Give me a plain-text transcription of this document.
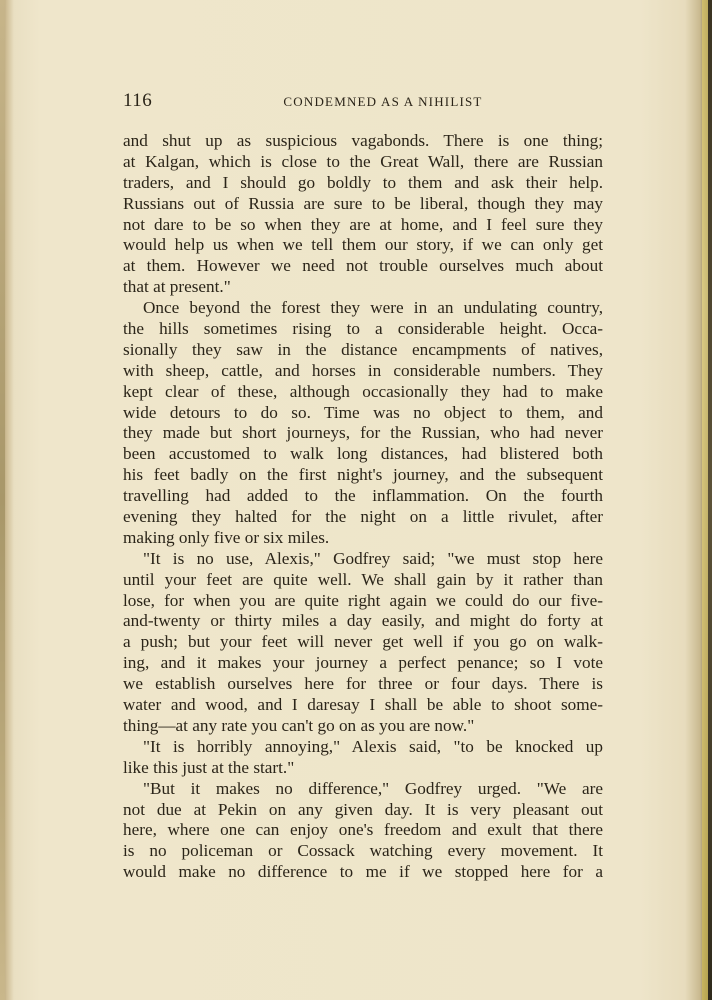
116	CONDEMNED AS A NIHILIST
and shut up as suspicious vagabonds. There is one thing;
at Kalgan, which is close to the Great Wall, there are Russian
traders, and I should go boldly to them and ask their help.
Russians out of Russia are sure to be liberal, though they may
not dare to be so when they are at home, and I feel sure they
would help us when we tell them our story, if we can only get
at them. However we need not trouble ourselves much about
that at present."
Once beyond the forest they were in an undulating country,
the hills sometimes rising to a considerable height. Occa-
sionally they saw in the distance encampments of natives,
with sheep, cattle, and horses in considerable numbers. They
kept clear of these, although occasionally they had to make
wide detours to do so. Time was no object to them, and
they made but short journeys, for the Russian, who had never
been accustomed to walk long distances, had blistered both
his feet badly on the first night's journey, and the subsequent
travelling had added to the inflammation. On the fourth
evening they halted for the night on a little rivulet, after
making only five or six miles.
"It is no use, Alexis," Godfrey said; "we must stop here
until your feet are quite well. We shall gain by it rather than
lose, for when you are quite right again we could do our five-
and-twenty or thirty miles a day easily, and might do forty at
a push; but your feet will never get well if you go on walk-
ing, and it makes your journey a perfect penance; so I vote
we establish ourselves here for three or four days. There is
water and wood, and I daresay I shall be able to shoot some-
thing—at any rate you can't go on as you are now."
"It is horribly annoying," Alexis said, "to be knocked up
like this just at the start."
"But it makes no difference," Godfrey urged. "We are
not due at Pekin on any given day. It is very pleasant out
here, where one can enjoy one's freedom and exult that there
is no policeman or Cossack watching every movement. It
would make no difference to me if we stopped here for a
